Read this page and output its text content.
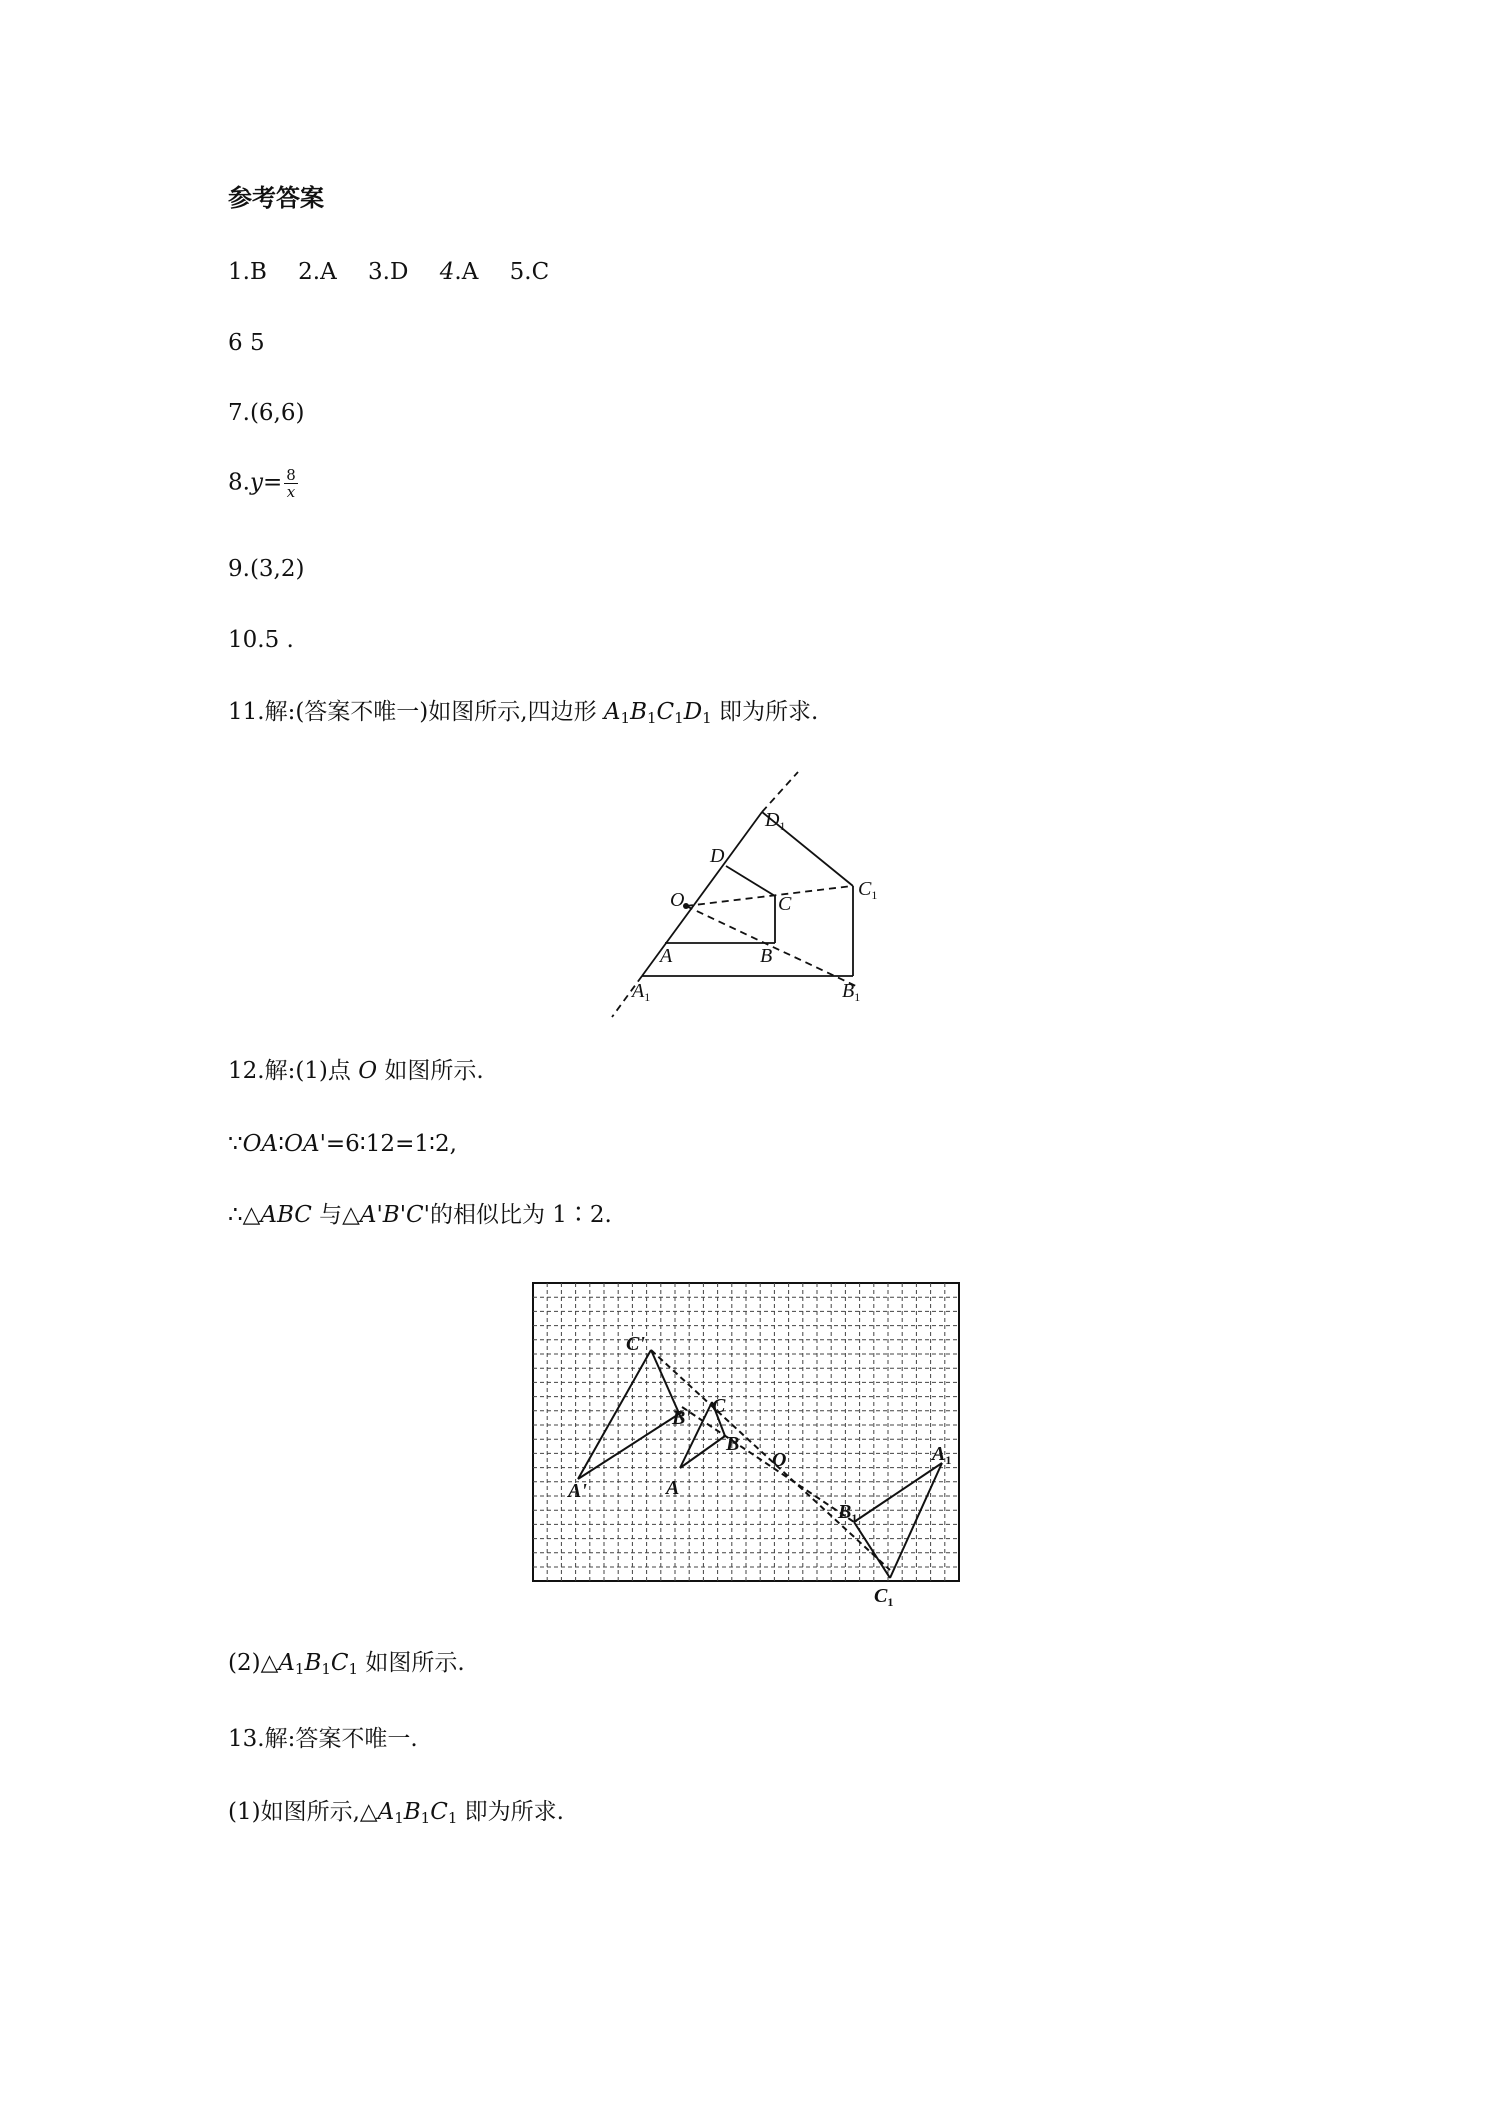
参考答案
1.B 2.A 3.D 4.A 5.C
6 5
7.(6,6)
$8.y= \frac{8}{x}$
9.(3,2)
10.5 .
11.解:(答案不唯一)如图所示,四边形 $A_1B_1C_1D_1$ 即为所求.
$D_1$
D
$C_1$
O	C
A	B
$A_1$	$B_1$
12.解:(1)点 O 如图所示.
∵OA∶OA'=6∶12=1∶2,
∴△ABC 与△A'B'C'的相似比为 1∶2.
C'
B'
A'
C
B
A
O	$A_1$
$B_1$
$C_1$
$(2)\triangle A_1B_1C_1$ 如图所示.
13.解:答案不唯一.
(1)如图所示$,\triangle A_1B_1C_1$ 即为所求.
